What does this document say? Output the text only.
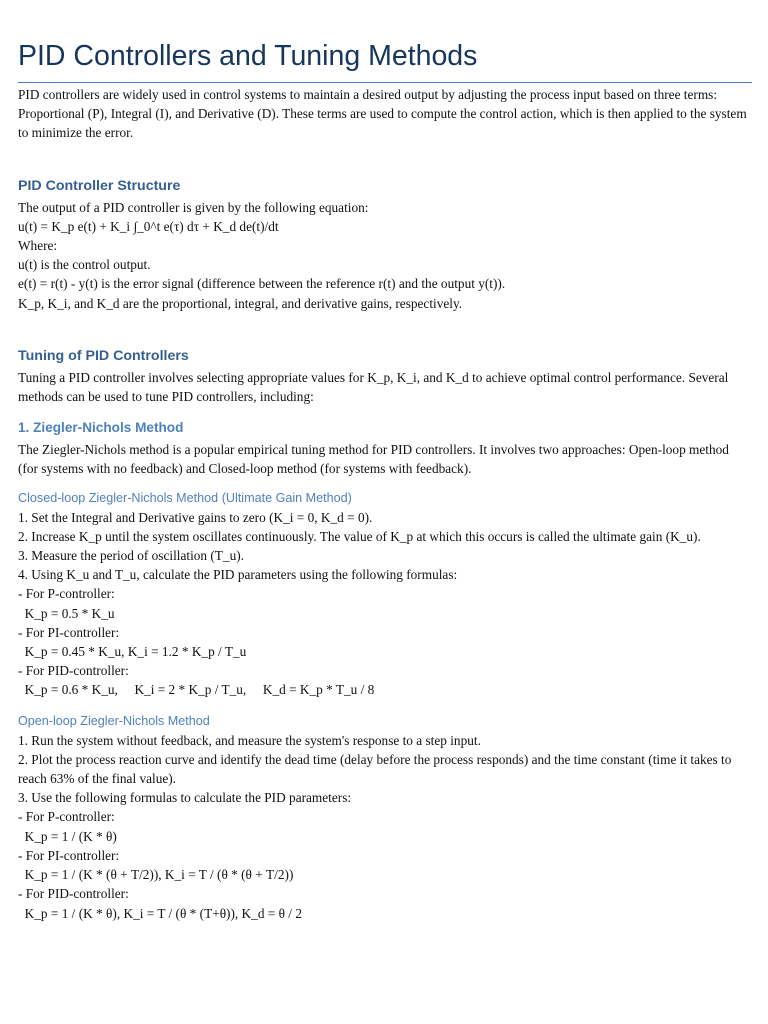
PID Controllers and Tuning Methods

PID controllers are widely used in control systems to maintain a desired output by adjusting the process input based on three terms: Proportional (P), Integral (I), and Derivative (D). These terms are used to compute the control action, which is then applied to the system to minimize the error.

PID Controller Structure

The output of a PID controller is given by the following equation:

u(t) = K_p e(t) + K_i ∫_0^t e(τ) dτ + K_d de(t)/dt

Where:

u(t) is the control output.

e(t) = r(t) - y(t) is the error signal (difference between the reference r(t) and the output y(t)).

K_p, K_i, and K_d are the proportional, integral, and derivative gains, respectively.

Tuning of PID Controllers

Tuning a PID controller involves selecting appropriate values for K_p, K_i, and K_d to achieve optimal control performance. Several methods can be used to tune PID controllers, including:

1. Ziegler-Nichols Method

The Ziegler-Nichols method is a popular empirical tuning method for PID controllers. It involves two approaches: Open-loop method (for systems with no feedback) and Closed-loop method (for systems with feedback).

Closed-loop Ziegler-Nichols Method (Ultimate Gain Method)

1. Set the Integral and Derivative gains to zero (K_i = 0, K_d = 0).

2. Increase K_p until the system oscillates continuously. The value of K_p at which this occurs is called the ultimate gain (K_u).

3. Measure the period of oscillation (T_u).

4. Using K_u and T_u, calculate the PID parameters using the following formulas:

- For P-controller:

K_p = 0.5 * K_u

- For PI-controller:

K_p = 0.45 * K_u, K_i = 1.2 * K_p / T_u

- For PID-controller:

K_p = 0.6 * K_u,     K_i = 2 * K_p / T_u,     K_d = K_p * T_u / 8

Open-loop Ziegler-Nichols Method

1. Run the system without feedback, and measure the system's response to a step input.

2. Plot the process reaction curve and identify the dead time (delay before the process responds) and the time constant (time it takes to reach 63% of the final value).

3. Use the following formulas to calculate the PID parameters:

- For P-controller:

K_p = 1 / (K * θ)

- For PI-controller:

K_p = 1 / (K * (θ + T/2)), K_i = T / (θ * (θ + T/2))

- For PID-controller:

K_p = 1 / (K * θ), K_i = T / (θ * (T+θ)), K_d = θ / 2
